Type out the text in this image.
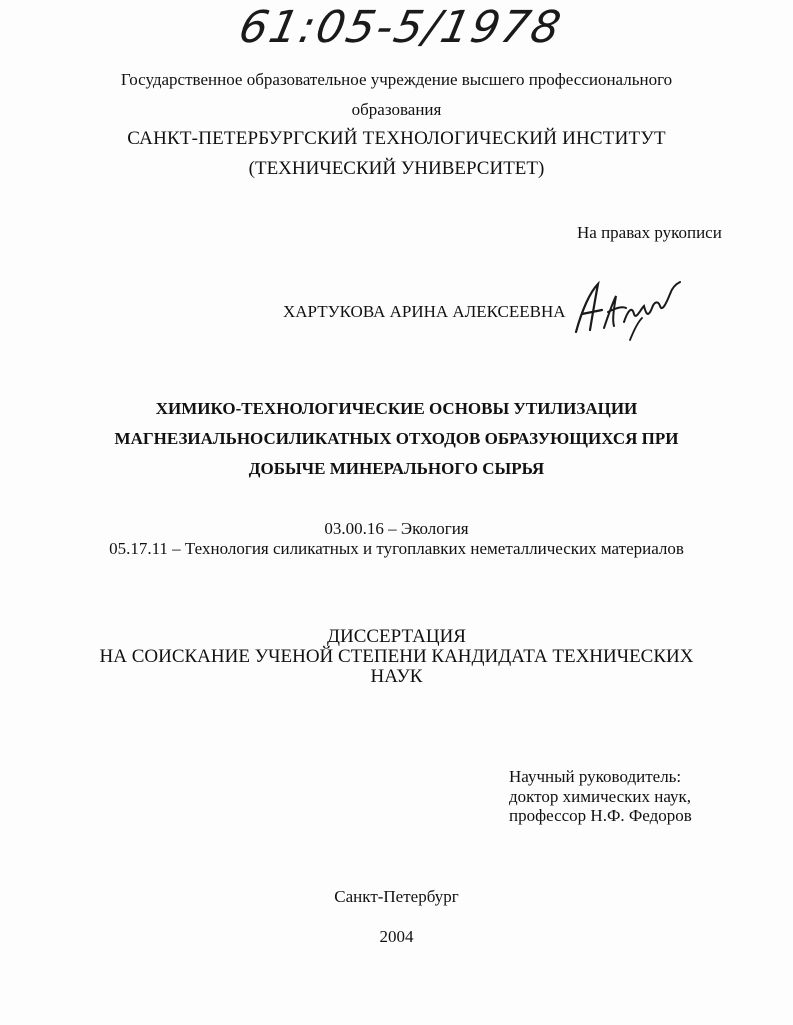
61:05-5/1978
Государственное образовательное учреждение высшего профессионального
образования
САНКТ-ПЕТЕРБУРГСКИЙ ТЕХНОЛОГИЧЕСКИЙ ИНСТИТУТ
(ТЕХНИЧЕСКИЙ УНИВЕРСИТЕТ)
На правах рукописи
ХАРТУКОВА АРИНА АЛЕКСЕЕВНА
ХИМИКО-ТЕХНОЛОГИЧЕСКИЕ ОСНОВЫ УТИЛИЗАЦИИ
МАГНЕЗИАЛЬНОСИЛИКАТНЫХ ОТХОДОВ ОБРАЗУЮЩИХСЯ ПРИ
ДОБЫЧЕ МИНЕРАЛЬНОГО СЫРЬЯ
03.00.16 – Экология
05.17.11 – Технология силикатных и тугоплавких неметаллических материалов
ДИССЕРТАЦИЯ
НА СОИСКАНИЕ УЧЕНОЙ СТЕПЕНИ КАНДИДАТА ТЕХНИЧЕСКИХ
НАУК
Научный руководитель:
доктор химических наук,
профессор Н.Ф. Федоров
Санкт-Петербург
2004
